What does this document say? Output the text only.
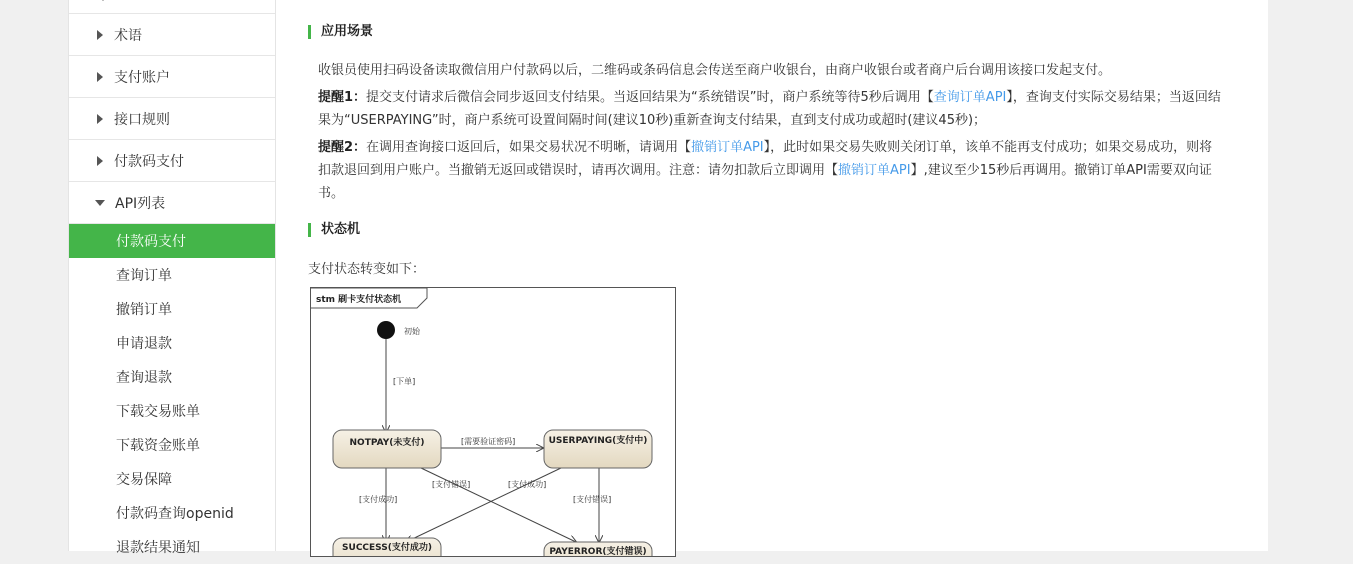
术语
支付账户
接口规则
付款码支付
API列表
付款码支付
查询订单
撤销订单
申请退款
查询退款
下载交易账单
下载资金账单
交易保障
付款码查询openid
退款结果通知
应用场景

收银员使用扫码设备读取微信用户付款码以后，二维码或条码信息会传送至商户收银台，由商户收银台或者商户后台调用该接口发起支付。

提醒1：提交支付请求后微信会同步返回支付结果。当返回结果为“系统错误”时，商户系统等待5秒后调用【查询订单API】，查询支付实际交易结果；当返回结果为“USERPAYING”时，商户系统可设置间隔时间(建议10秒)重新查询支付结果，直到支付成功或超时(建议45秒)；

提醒2：在调用查询接口返回后，如果交易状况不明晰，请调用【撤销订单API】，此时如果交易失败则关闭订单，该单不能再支付成功；如果交易成功，则将扣款退回到用户账户。当撤销无返回或错误时，请再次调用。注意：请勿扣款后立即调用【撤销订单API】,建议至少15秒后再调用。撤销订单API需要双向证书。

状态机

支付状态转变如下：

stm 刷卡支付状态机
初始
[下单]
[需要验证密码]
[支付成功]
[支付错误]	[支付成功]
[支付错误]
NOTPAY(未支付)	USERPAYING(支付中)
SUCCESS(支付成功)	PAYERROR(支付错误)
